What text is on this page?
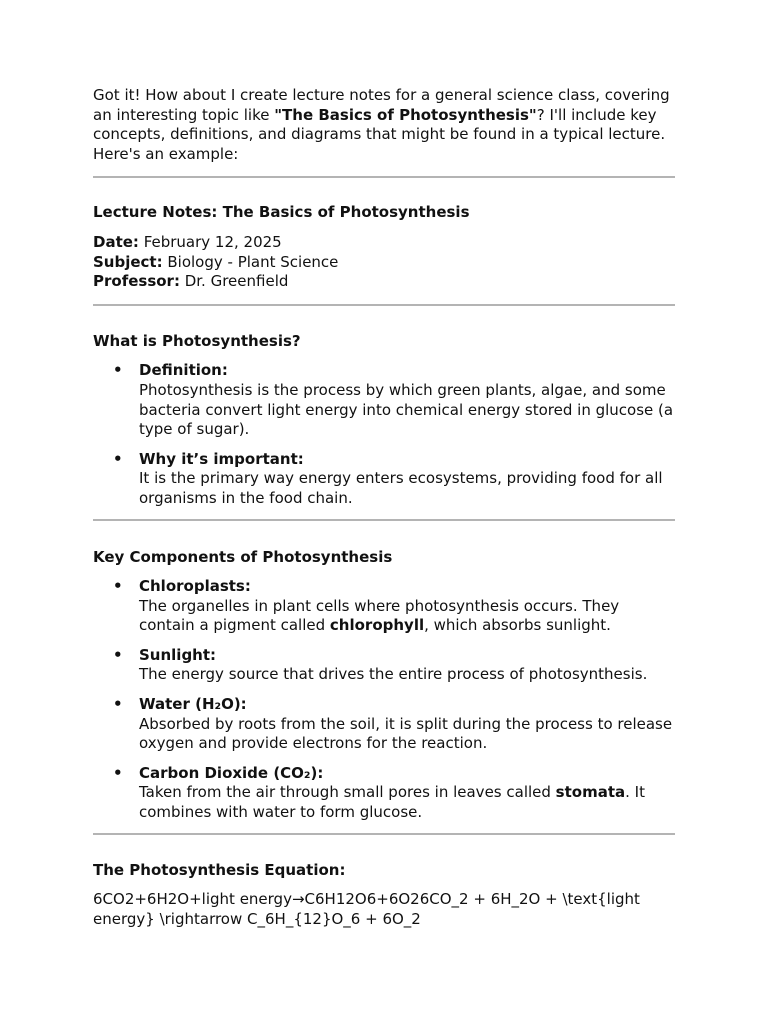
Got it! How about I create lecture notes for a general science class, covering an interesting topic like "The Basics of Photosynthesis"? I'll include key concepts, definitions, and diagrams that might be found in a typical lecture. Here's an example:

Lecture Notes: The Basics of Photosynthesis

Date: February 12, 2025
Subject: Biology - Plant Science
Professor: Dr. Greenfield

What is Photosynthesis?

• Definition:
Photosynthesis is the process by which green plants, algae, and some bacteria convert light energy into chemical energy stored in glucose (a type of sugar).
• Why it’s important:
It is the primary way energy enters ecosystems, providing food for all organisms in the food chain.

Key Components of Photosynthesis

• Chloroplasts:
The organelles in plant cells where photosynthesis occurs. They contain a pigment called chlorophyll, which absorbs sunlight.
• Sunlight:
The energy source that drives the entire process of photosynthesis.
• Water (H₂O):
Absorbed by roots from the soil, it is split during the process to release oxygen and provide electrons for the reaction.
• Carbon Dioxide (CO₂):
Taken from the air through small pores in leaves called stomata. It combines with water to form glucose.

The Photosynthesis Equation:

6CO2+6H2O+light energy→C6H12O6+6O26CO_2 + 6H_2O + \text{light energy} \rightarrow C_6H_{12}O_6 + 6O_2
